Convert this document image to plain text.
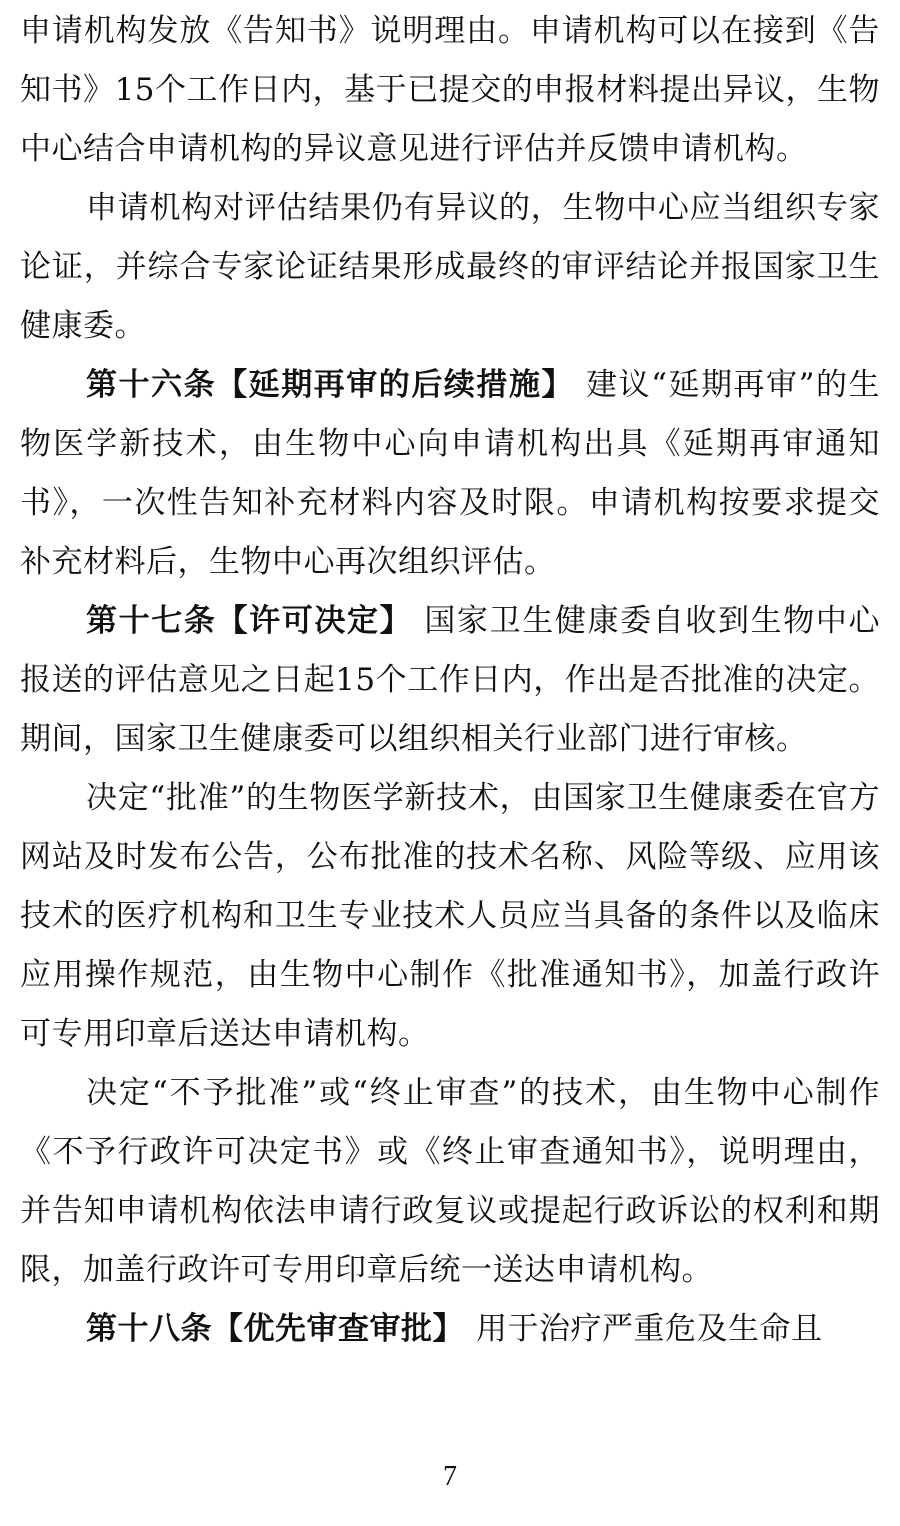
申请机构发放《告知书》说明理由。申请机构可以在接到《告知书》15个工作日内，基于已提交的申报材料提出异议，生物中心结合申请机构的异议意见进行评估并反馈申请机构。

申请机构对评估结果仍有异议的，生物中心应当组织专家论证，并综合专家论证结果形成最终的审评结论并报国家卫生健康委。

第十六条【延期再审的后续措施】 建议“延期再审”的生物医学新技术，由生物中心向申请机构出具《延期再审通知书》，一次性告知补充材料内容及时限。申请机构按要求提交补充材料后，生物中心再次组织评估。

第十七条【许可决定】 国家卫生健康委自收到生物中心报送的评估意见之日起15个工作日内，作出是否批准的决定。期间，国家卫生健康委可以组织相关行业部门进行审核。

决定“批准”的生物医学新技术，由国家卫生健康委在官方网站及时发布公告，公布批准的技术名称、风险等级、应用该技术的医疗机构和卫生专业技术人员应当具备的条件以及临床应用操作规范，由生物中心制作《批准通知书》，加盖行政许可专用印章后送达申请机构。

决定“不予批准”或“终止审查”的技术，由生物中心制作《不予行政许可决定书》或《终止审查通知书》，说明理由，并告知申请机构依法申请行政复议或提起行政诉讼的权利和期限，加盖行政许可专用印章后统一送达申请机构。

第十八条【优先审查审批】 用于治疗严重危及生命且

7
